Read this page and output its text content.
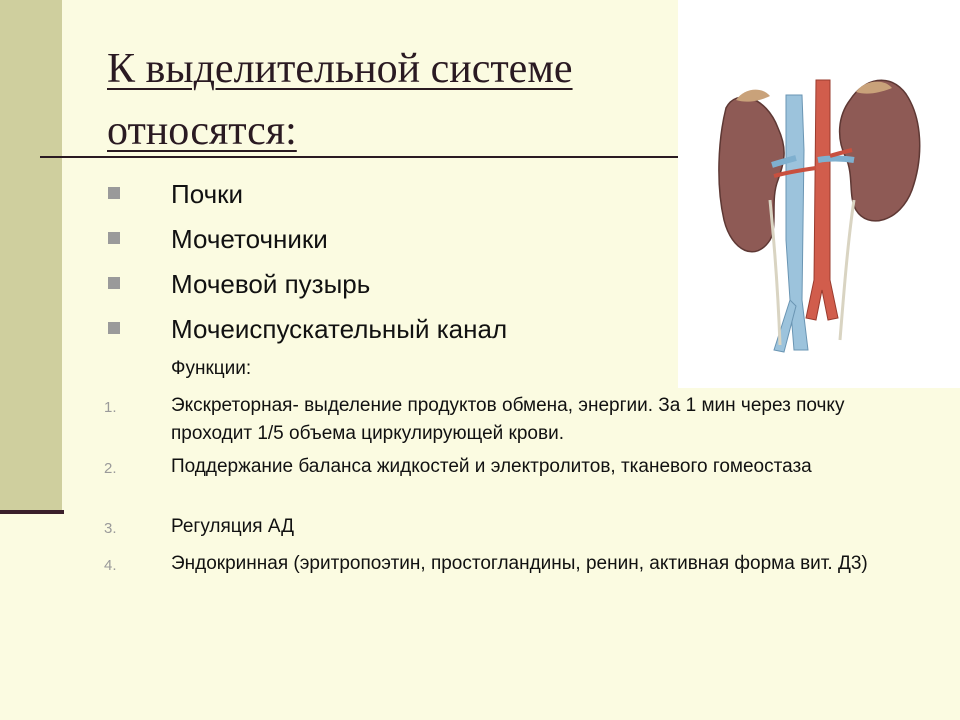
К выделительной системе относятся:
Почки
Мочеточники
Мочевой пузырь
Мочеиспускательный канал
Функции:
1.	Экскреторная- выделение продуктов обмена, энергии. За 1 мин через почку проходит 1/5 объема циркулирующей крови.
2.	Поддержание баланса жидкостей и электролитов, тканевого гомеостаза
3.	Регуляция АД
4.	Эндокринная (эритропоэтин, простогландины, ренин, активная форма вит. Д3)
